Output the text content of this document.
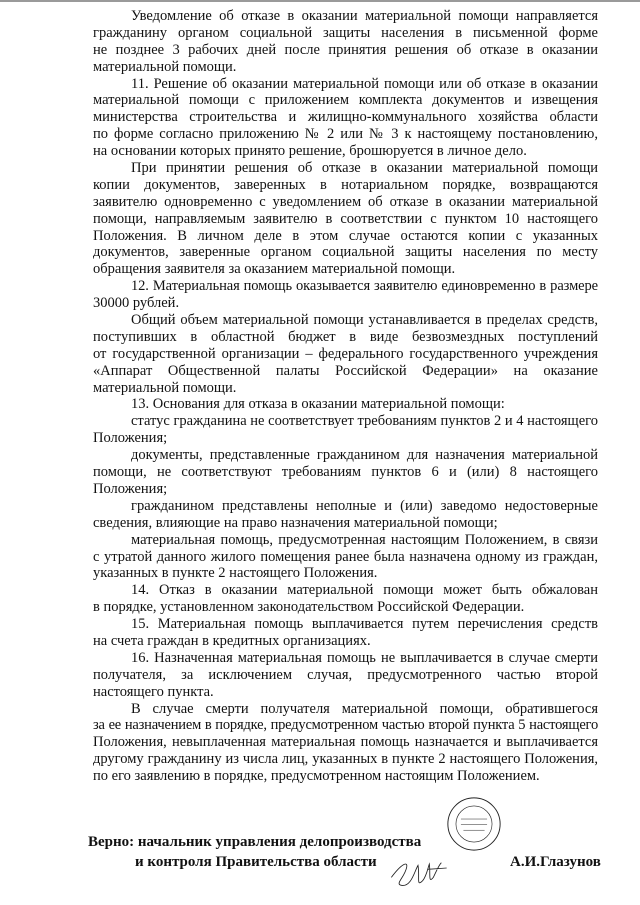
Уведомление об отказе в оказании материальной помощи направляется
гражданину органом социальной защиты населения в письменной форме
не позднее 3 рабочих дней после принятия решения об отказе в оказании
материальной помощи.
11. Решение об оказании материальной помощи или об отказе в оказании
материальной помощи с приложением комплекта документов и извещения
министерства строительства и жилищно-коммунального хозяйства области
по форме согласно приложению № 2 или № 3 к настоящему постановлению,
на основании которых принято решение, брошюруется в личное дело.
При принятии решения об отказе в оказании материальной помощи
копии документов, заверенных в нотариальном порядке, возвращаются
заявителю одновременно с уведомлением об отказе в оказании материальной
помощи, направляемым заявителю в соответствии с пунктом 10 настоящего
Положения. В личном деле в этом случае остаются копии с указанных
документов, заверенные органом социальной защиты населения по месту
обращения заявителя за оказанием материальной помощи.
12. Материальная помощь оказывается заявителю единовременно в размере
30000 рублей.
Общий объем материальной помощи устанавливается в пределах средств,
поступивших в областной бюджет в виде безвозмездных поступлений
от государственной организации – федерального государственного учреждения
«Аппарат Общественной палаты Российской Федерации» на оказание
материальной помощи.
13. Основания для отказа в оказании материальной помощи:
статус гражданина не соответствует требованиям пунктов 2 и 4 настоящего
Положения;
документы, представленные гражданином для назначения материальной
помощи, не соответствуют требованиям пунктов 6 и (или) 8 настоящего
Положения;
гражданином представлены неполные и (или) заведомо недостоверные
сведения, влияющие на право назначения материальной помощи;
материальная помощь, предусмотренная настоящим Положением, в связи
с утратой данного жилого помещения ранее была назначена одному из граждан,
указанных в пункте 2 настоящего Положения.
14. Отказ в оказании материальной помощи может быть обжалован
в порядке, установленном законодательством Российской Федерации.
15. Материальная помощь выплачивается путем перечисления средств
на счета граждан в кредитных организациях.
16. Назначенная материальная помощь не выплачивается в случае смерти
получателя, за исключением случая, предусмотренного частью второй
настоящего пункта.
В случае смерти получателя материальной помощи, обратившегося
за ее назначением в порядке, предусмотренном частью второй пункта 5 настоящего
Положения, невыплаченная материальная помощь назначается и выплачивается
другому гражданину из числа лиц, указанных в пункте 2 настоящего Положения,
по его заявлению в порядке, предусмотренном настоящим Положением.
Верно: начальник управления делопроизводства
и контроля Правительства области	А.И.Глазунов
